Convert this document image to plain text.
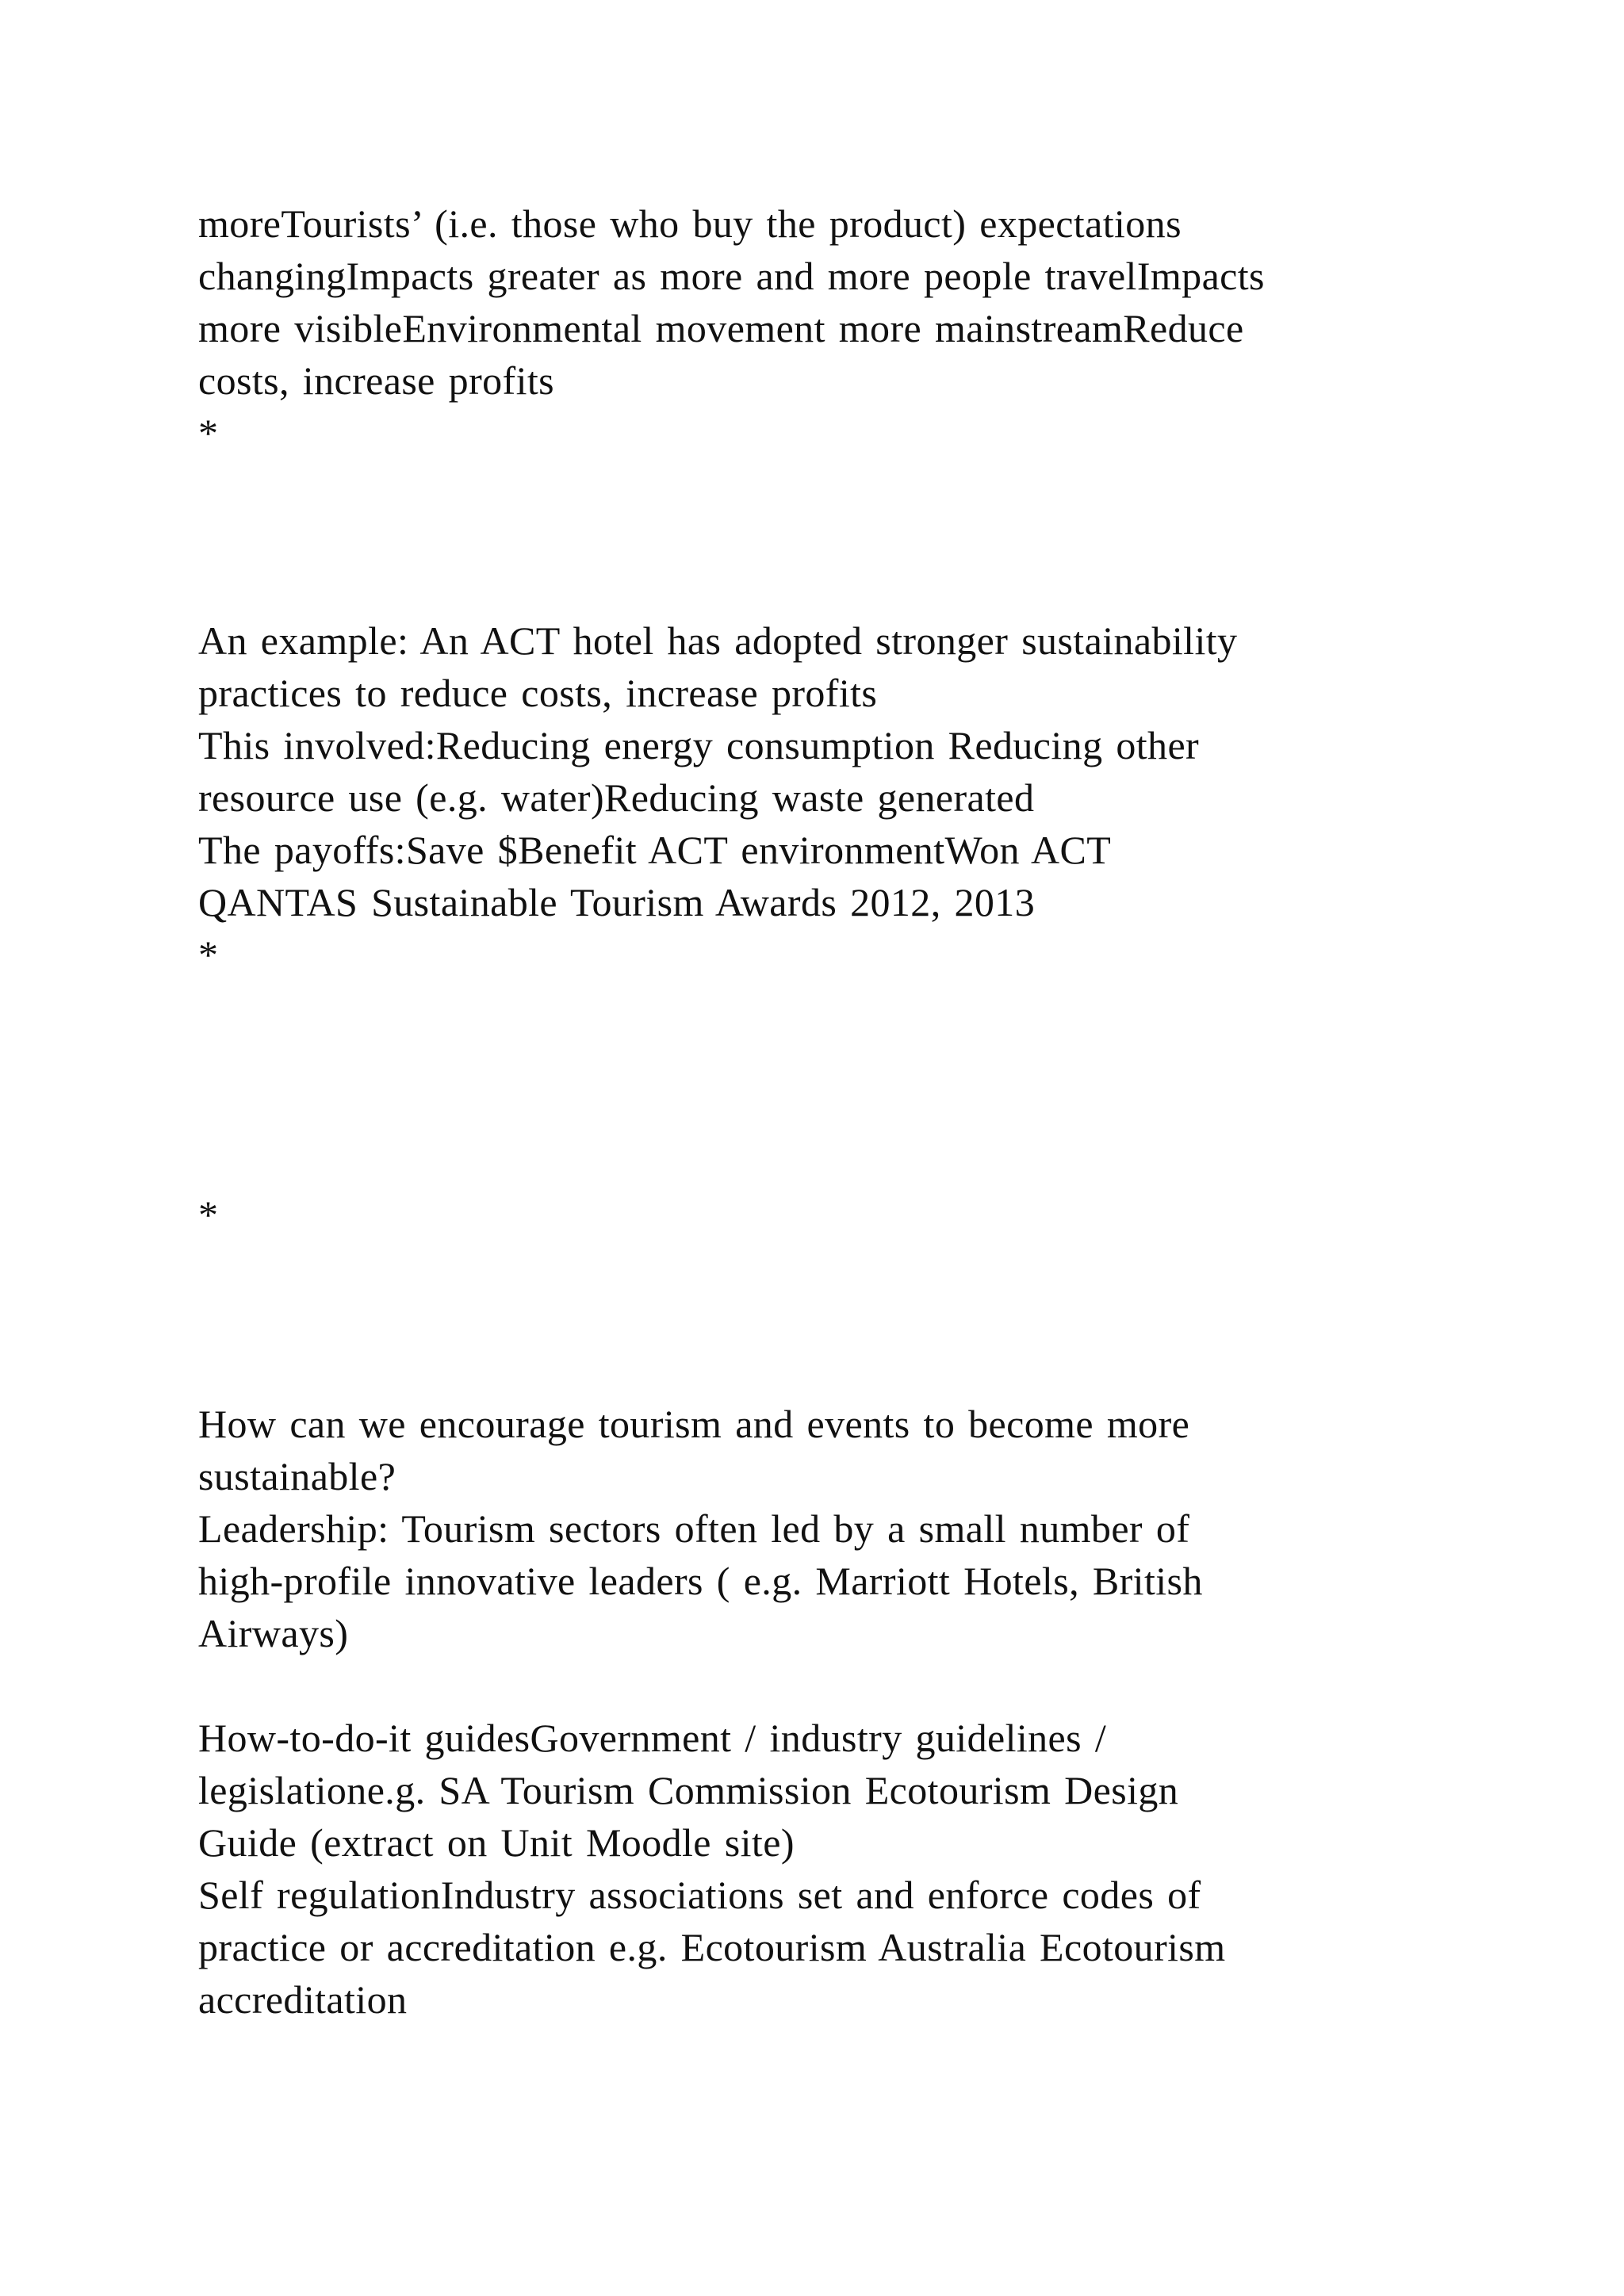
moreTourists’ (i.e. those who buy the product) expectations
changingImpacts greater as more and more people travelImpacts
more visibleEnvironmental movement more mainstreamReduce
costs, increase profits
*
An example: An ACT hotel has adopted stronger sustainability
practices to reduce costs, increase profits
This involved:Reducing energy consumption Reducing other
resource use (e.g. water)Reducing waste generated
The payoffs:Save $Benefit ACT environmentWon ACT
QANTAS Sustainable Tourism Awards 2012, 2013
*
*
How can we encourage tourism and events to become more
sustainable?
Leadership: Tourism sectors often led by a small number of
high-profile innovative leaders ( e.g. Marriott Hotels, British
Airways)
How-to-do-it guidesGovernment / industry guidelines /
legislatione.g. SA Tourism Commission Ecotourism Design
Guide (extract on Unit Moodle site)
Self regulationIndustry associations set and enforce codes of
practice or accreditation e.g. Ecotourism Australia Ecotourism
accreditation
